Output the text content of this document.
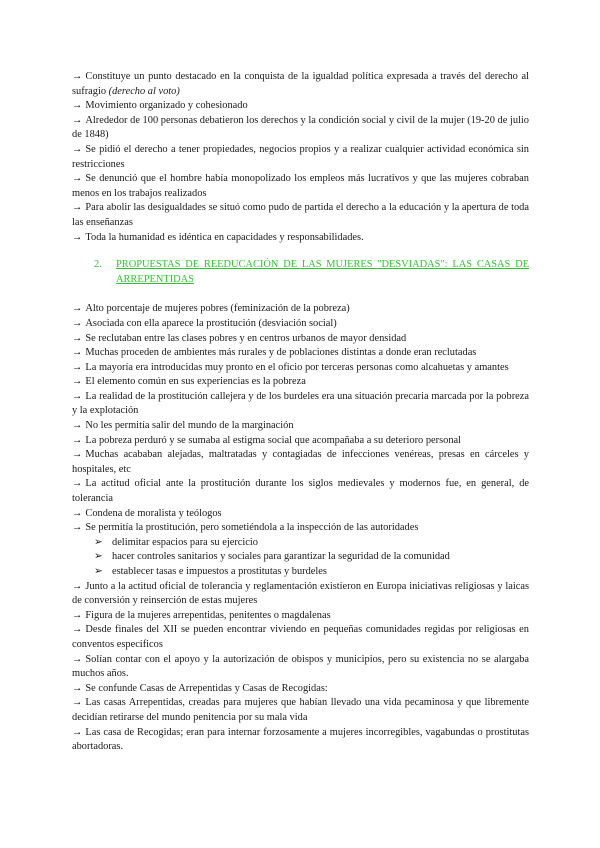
→ Constituye un punto destacado en la conquista de la igualdad política expresada a través del derecho al sufragio (derecho al voto)

→ Movimiento organizado y cohesionado

→ Alrededor de 100 personas debatieron los derechos y la condición social y civil de la mujer (19-20 de julio de 1848)

→ Se pidió el derecho a tener propiedades, negocios propios y a realizar cualquier actividad económica sin restricciones

→ Se denunció que el hombre había monopolizado los empleos más lucrativos y que las mujeres cobraban menos en los trabajos realizados

→ Para abolir las desigualdades se situó como pudo de partida el derecho a la educación y la apertura de toda las enseñanzas

→ Toda la humanidad es idéntica en capacidades y responsabilidades.

2.	PROPUESTAS DE REEDUCACIÓN DE LAS MUJERES "DESVIADAS": LAS CASAS DE ARREPENTIDAS

→ Alto porcentaje de mujeres pobres (feminización de la pobreza)

→ Asociada con ella aparece la prostitución (desviación social)

→ Se reclutaban entre las clases pobres y en centros urbanos de mayor densidad

→ Muchas proceden de ambientes más rurales y de poblaciones distintas a donde eran reclutadas

→ La mayoría era introducidas muy pronto en el oficio por terceras personas como alcahuetas y amantes

→ El elemento común en sus experiencias es la pobreza

→ La realidad de la prostitución callejera y de los burdeles era una situación precaria marcada por la pobreza y la explotación

→ No les permitía salir del mundo de la marginación

→ La pobreza perduró y se sumaba al estigma social que acompañaba a su deterioro personal

→ Muchas acababan alejadas, maltratadas y contagiadas de infecciones venéreas, presas en cárceles y hospitales, etc

→ La actitud oficial ante la prostitución durante los siglos medievales y modernos fue, en general, de tolerancia

→ Condena de moralista y teólogos

→ Se permitía la prostitución, pero sometiéndola a la inspección de las autoridades

➢ delimitar espacios para su ejercicio
➢ hacer controles sanitarios y sociales para garantizar la seguridad de la comunidad
➢ establecer tasas e impuestos a prostitutas y burdeles

→ Junto a la actitud oficial de tolerancia y reglamentación existieron en Europa iniciativas religiosas y laicas de conversión y reinserción de estas mujeres

→ Figura de la mujeres arrepentidas, penitentes o magdalenas

→ Desde finales del XII se pueden encontrar viviendo en pequeñas comunidades regidas por religiosas en conventos específicos

→ Solían contar con el apoyo y la autorización de obispos y municipios, pero su existencia no se alargaba muchos años.

→ Se confunde Casas de Arrepentidas y Casas de Recogidas:

→ Las casas Arrepentidas, creadas para mujeres que habían llevado una vida pecaminosa y que libremente decidían retirarse del mundo penitencia por su mala vida

→ Las casa de Recogidas; eran para internar forzosamente a mujeres incorregibles, vagabundas o prostitutas abortadoras.
